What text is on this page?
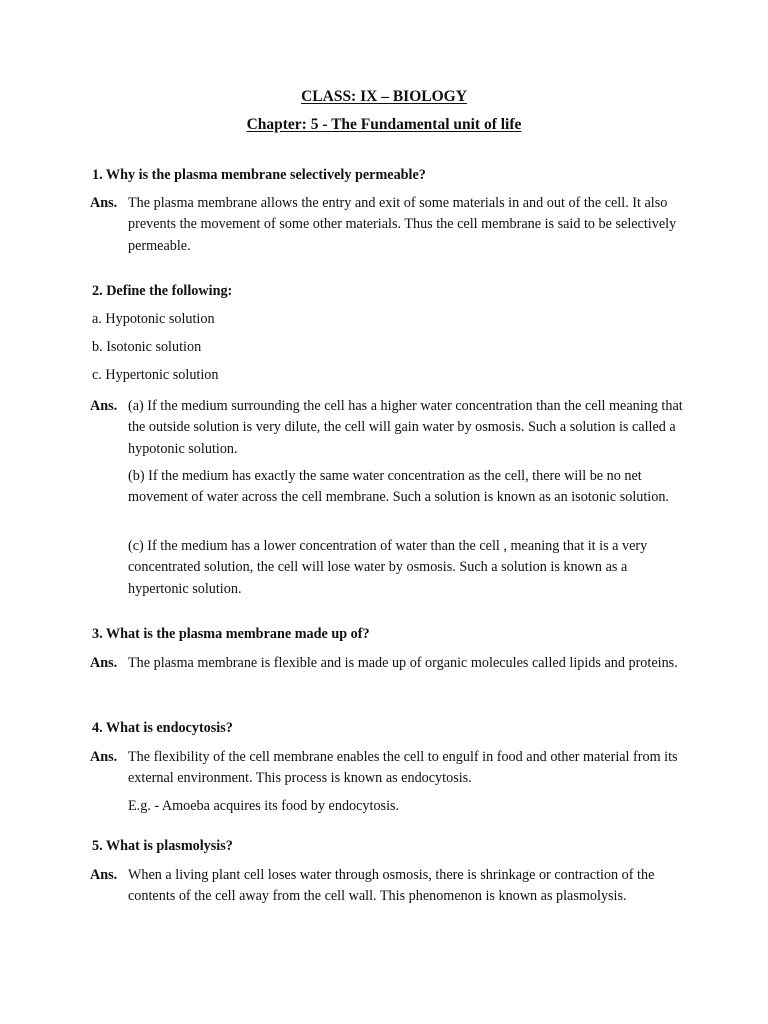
CLASS: IX – BIOLOGY
Chapter: 5 - The Fundamental unit of life
1. Why is the plasma membrane selectively permeable?
Ans. The plasma membrane allows the entry and exit of some materials in and out of the cell. It also prevents the movement of some other materials. Thus the cell membrane is said to be selectively permeable.
2. Define the following:
a. Hypotonic solution
b. Isotonic solution
c. Hypertonic solution
Ans. (a) If the medium surrounding the cell has a higher water concentration than the cell meaning that the outside solution is very dilute, the cell will gain water by osmosis. Such a solution is called a hypotonic solution.
(b) If the medium has exactly the same water concentration as the cell, there will be no net movement of water across the cell membrane. Such a solution is known as an isotonic solution.
(c) If the medium has a lower concentration of water than the cell , meaning that it is a very concentrated solution, the cell will lose water by osmosis. Such a solution is known as a hypertonic solution.
3. What is the plasma membrane made up of?
Ans. The plasma membrane is flexible and is made up of organic molecules called lipids and proteins.
4. What is endocytosis?
Ans. The flexibility of the cell membrane enables the cell to engulf in food and other material from its external environment. This process is known as endocytosis.
E.g. - Amoeba acquires its food by endocytosis.
5. What is plasmolysis?
Ans. When a living plant cell loses water through osmosis, there is shrinkage or contraction of the contents of the cell away from the cell wall. This phenomenon is known as plasmolysis.
